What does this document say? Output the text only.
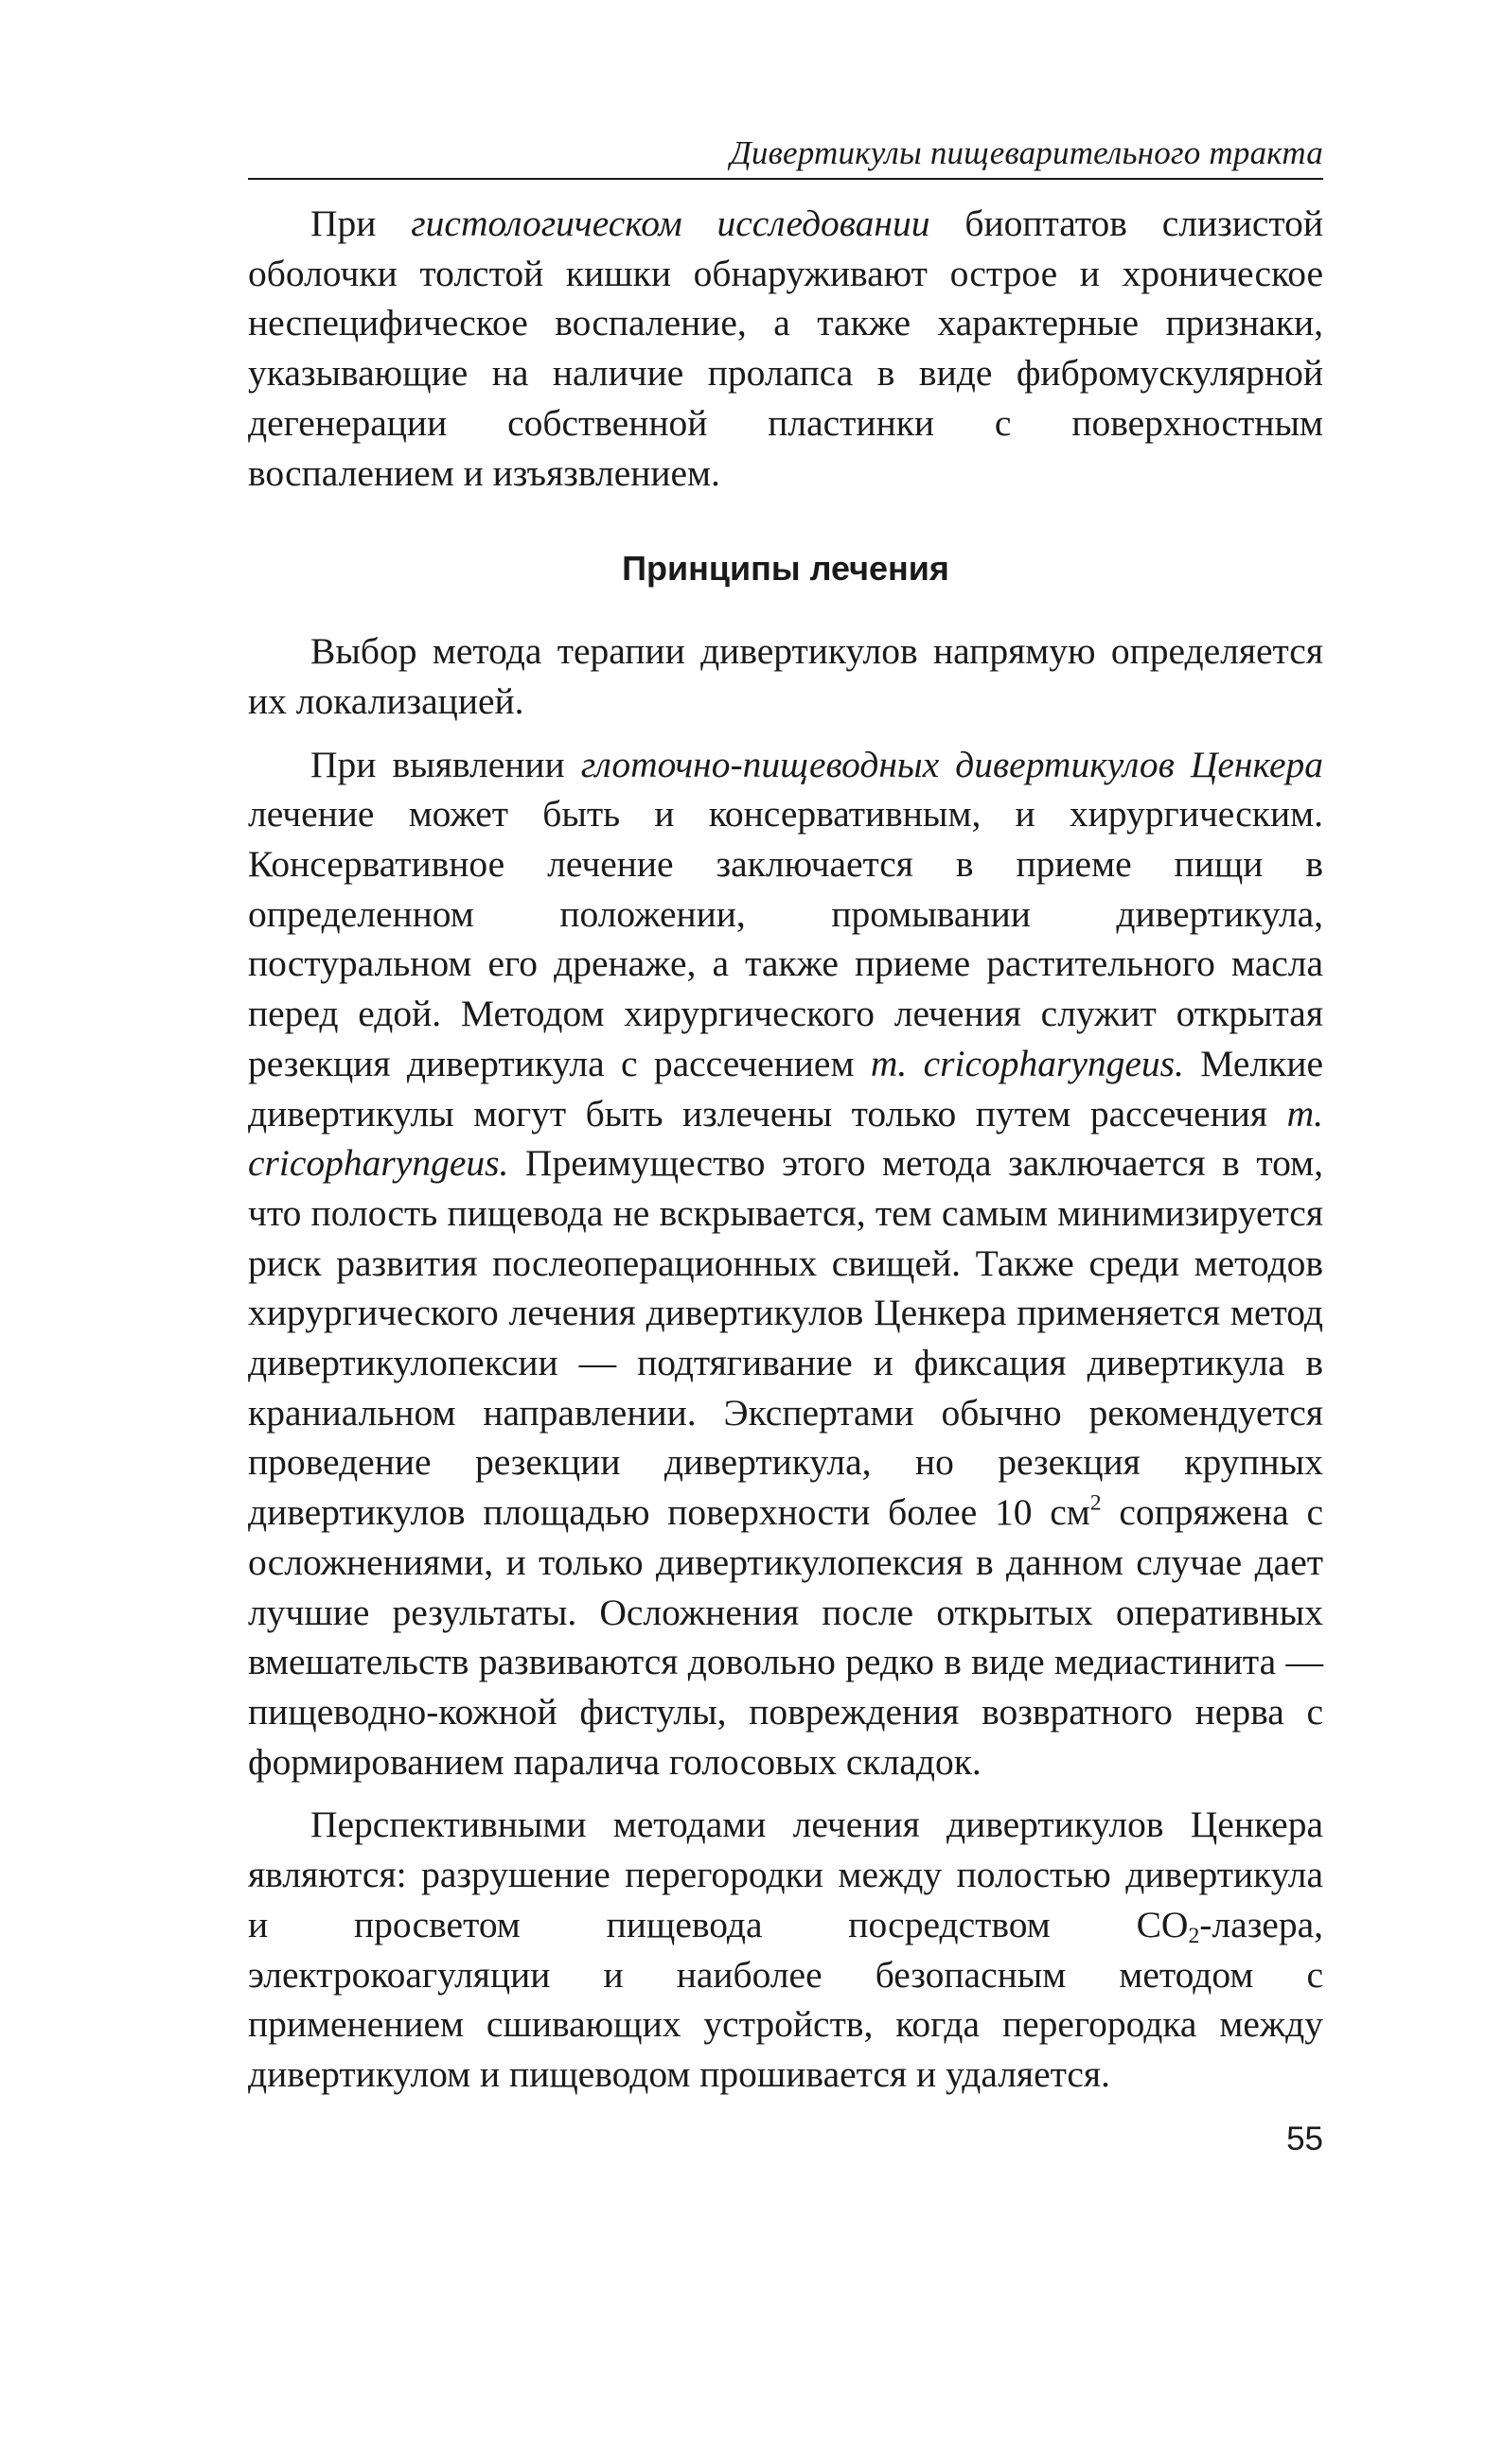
Дивертикулы пищеварительного тракта

При гистологическом исследовании биоптатов слизистой оболочки толстой кишки обнаруживают острое и хроническое неспецифическое воспаление, а также характерные признаки, указывающие на наличие пролапса в виде фибромускулярной дегенерации собственной пластинки с поверхностным воспалением и изъязвлением.

Принципы лечения

Выбор метода терапии дивертикулов напрямую определяется их локализацией.

При выявлении глоточно-пищеводных дивертикулов Ценкера лечение может быть и консервативным, и хирургическим. Консервативное лечение заключается в приеме пищи в определенном положении, промывании дивертикула, постуральном его дренаже, а также приеме растительного масла перед едой. Методом хирургического лечения служит открытая резекция дивертикула с рассечением m. cricopharyngeus. Мелкие дивертикулы могут быть излечены только путем рассечения m. cricopharyngeus. Преимущество этого метода заключается в том, что полость пищевода не вскрывается, тем самым минимизируется риск развития послеоперационных свищей. Также среди методов хирургического лечения дивертикулов Ценкера применяется метод дивертикулопексии — подтягивание и фиксация дивертикула в краниальном направлении. Экспертами обычно рекомендуется проведение резекции дивертикула, но резекция крупных дивертикулов площадью поверхности более 10 $см^2$ сопряжена с осложнениями, и только дивертикулопексия в данном случае дает лучшие результаты. Осложнения после открытых оперативных вмешательств развиваются довольно редко в виде медиастинита — пищеводно-кожной фистулы, повреждения возвратного нерва с формированием паралича голосовых складок.

Перспективными методами лечения дивертикулов Ценкера являются: разрушение перегородки между полостью дивертикула и просветом пищевода посредством $CO_2$-лазера, электрокоагуляции и наиболее безопасным методом с применением сшивающих устройств, когда перегородка между дивертикулом и пищеводом прошивается и удаляется.

55
